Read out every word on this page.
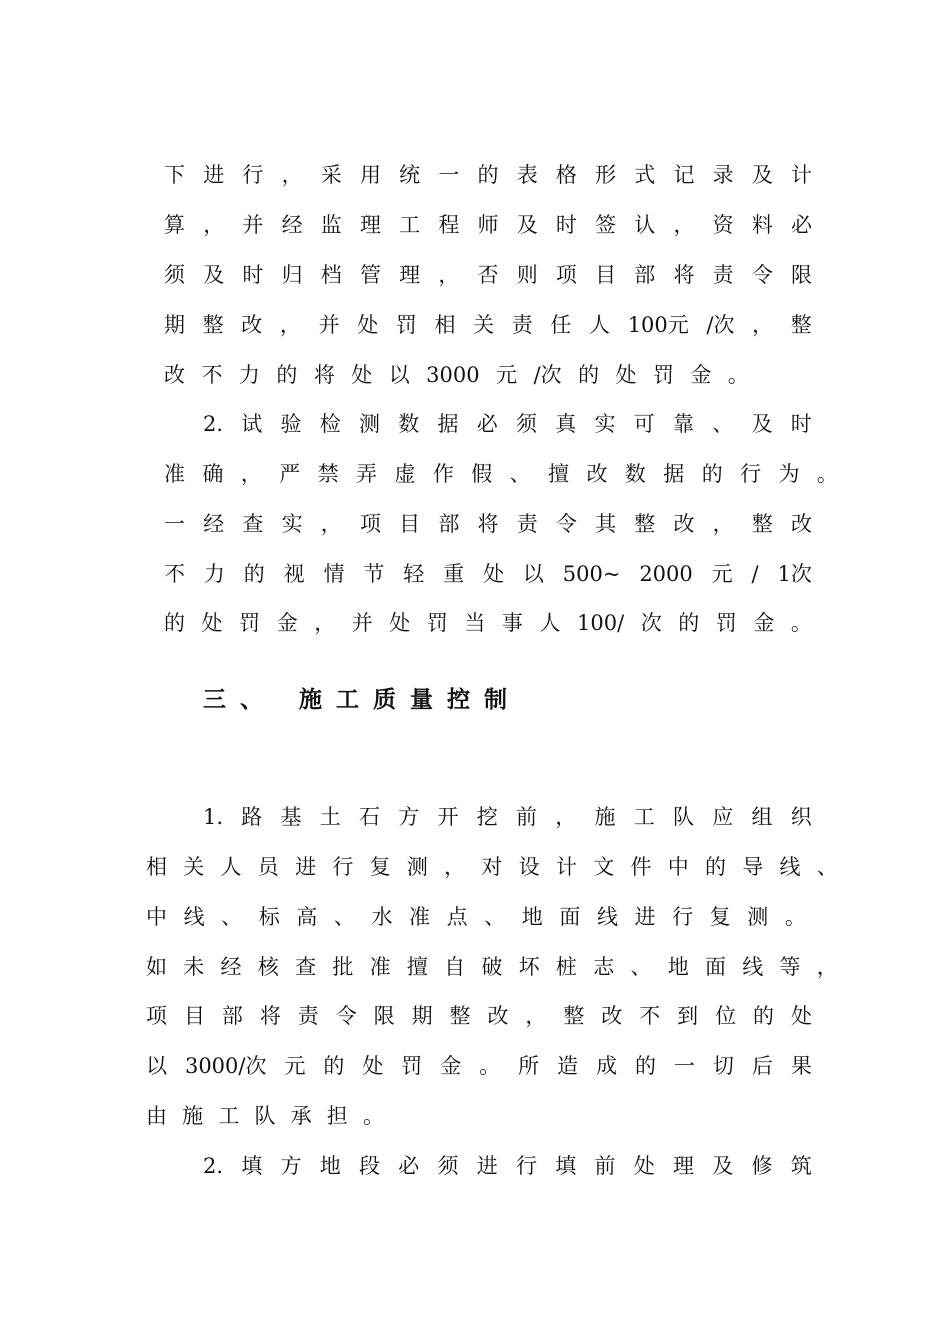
下 进 行 ， 采 用 统 一 的 表 格 形 式 记 录 及 计
算 ， 并 经 监 理 工 程 师 及 时 签 认 ， 资 料 必
须 及 时 归 档 管 理 ， 否 则 项 目 部 将 责 令 限
期 整 改 ， 并 处 罚 相 关 责 任 人 100元 /次 ， 整
改 不 力 的 将 处 以 3000 元 /次 的 处 罚 金 。
2. 试 验 检 测 数 据 必 须 真 实 可 靠 、 及 时
准 确 ， 严 禁 弄 虚 作 假 、 擅 改 数 据 的 行 为 。
一 经 查 实 ， 项 目 部 将 责 令 其 整 改 ， 整 改
不 力 的 视 情 节 轻 重 处 以 500~ 2000 元 / 1次
的 处 罚 金 ， 并 处 罚 当 事 人 100/ 次 的 罚 金 。
三、 施工质量控制
1. 路 基 土 石 方 开 挖 前 ， 施 工 队 应 组 织
相 关 人 员 进 行 复 测 ， 对 设 计 文 件 中 的 导 线 、
中 线 、 标 高 、 水 准 点 、 地 面 线 进 行 复 测 。
如 未 经 核 查 批 准 擅 自 破 坏 桩 志 、 地 面 线 等 ，
项 目 部 将 责 令 限 期 整 改 ， 整 改 不 到 位 的 处
以 3000/次 元 的 处 罚 金 。 所 造 成 的 一 切 后 果
由 施 工 队 承 担 。
2. 填 方 地 段 必 须 进 行 填 前 处 理 及 修 筑
